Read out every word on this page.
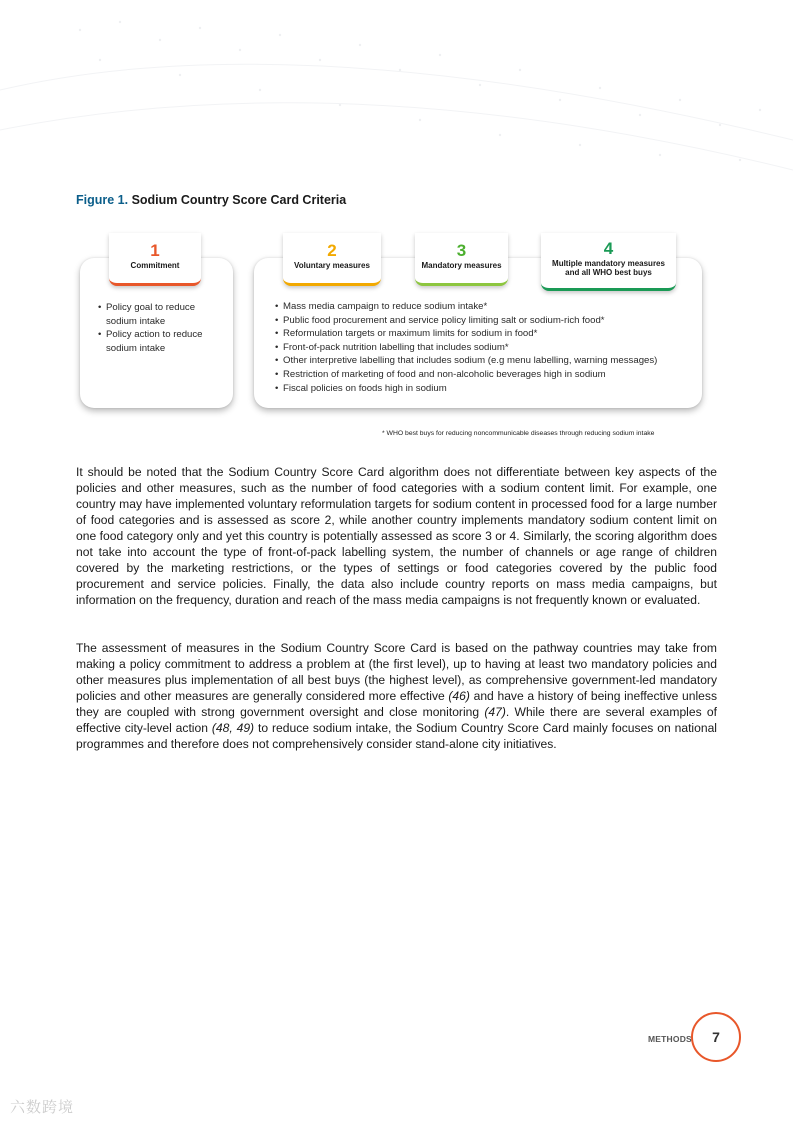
Figure 1. Sodium Country Score Card Criteria
1
Commitment
2
Voluntary measures
3
Mandatory measures
4
Multiple mandatory measures and all WHO best buys
• Policy goal to reduce sodium intake
• Policy action to reduce sodium intake
• Mass media campaign to reduce sodium intake*
• Public food procurement and service policy limiting salt or sodium-rich food*
• Reformulation targets or maximum limits for sodium in food*
• Front-of-pack nutrition labelling that includes sodium*
• Other interpretive labelling that includes sodium (e.g menu labelling, warning messages)
• Restriction of marketing of food and non-alcoholic beverages high in sodium
• Fiscal policies on foods high in sodium
* WHO best buys for reducing noncommunicable diseases through reducing sodium intake

It should be noted that the Sodium Country Score Card algorithm does not differentiate between key aspects of the policies and other measures, such as the number of food categories with a sodium content limit. For example, one country may have implemented voluntary reformulation targets for sodium content in processed food for a large number of food categories and is assessed as score 2, while another country implements mandatory sodium content limit on one food category only and yet this country is potentially assessed as score 3 or 4. Similarly, the scoring algorithm does not take into account the type of front-of-pack labelling system, the number of channels or age range of children covered by the marketing restrictions, or the types of settings or food categories covered by the public food procurement and service policies. Finally, the data also include country reports on mass media campaigns, but information on the frequency, duration and reach of the mass media campaigns is not frequently known or evaluated.

The assessment of measures in the Sodium Country Score Card is based on the pathway countries may take from making a policy commitment to address a problem at (the first level), up to having at least two mandatory policies and other measures plus implementation of all best buys (the highest level), as comprehensive government-led mandatory policies and other measures are generally considered more effective (46) and have a history of being ineffective unless they are coupled with strong government oversight and close monitoring (47). While there are several examples of effective city-level action (48, 49) to reduce sodium intake, the Sodium Country Score Card mainly focuses on national programmes and therefore does not comprehensively consider stand-alone city initiatives.

METHODS	7
六数跨境
